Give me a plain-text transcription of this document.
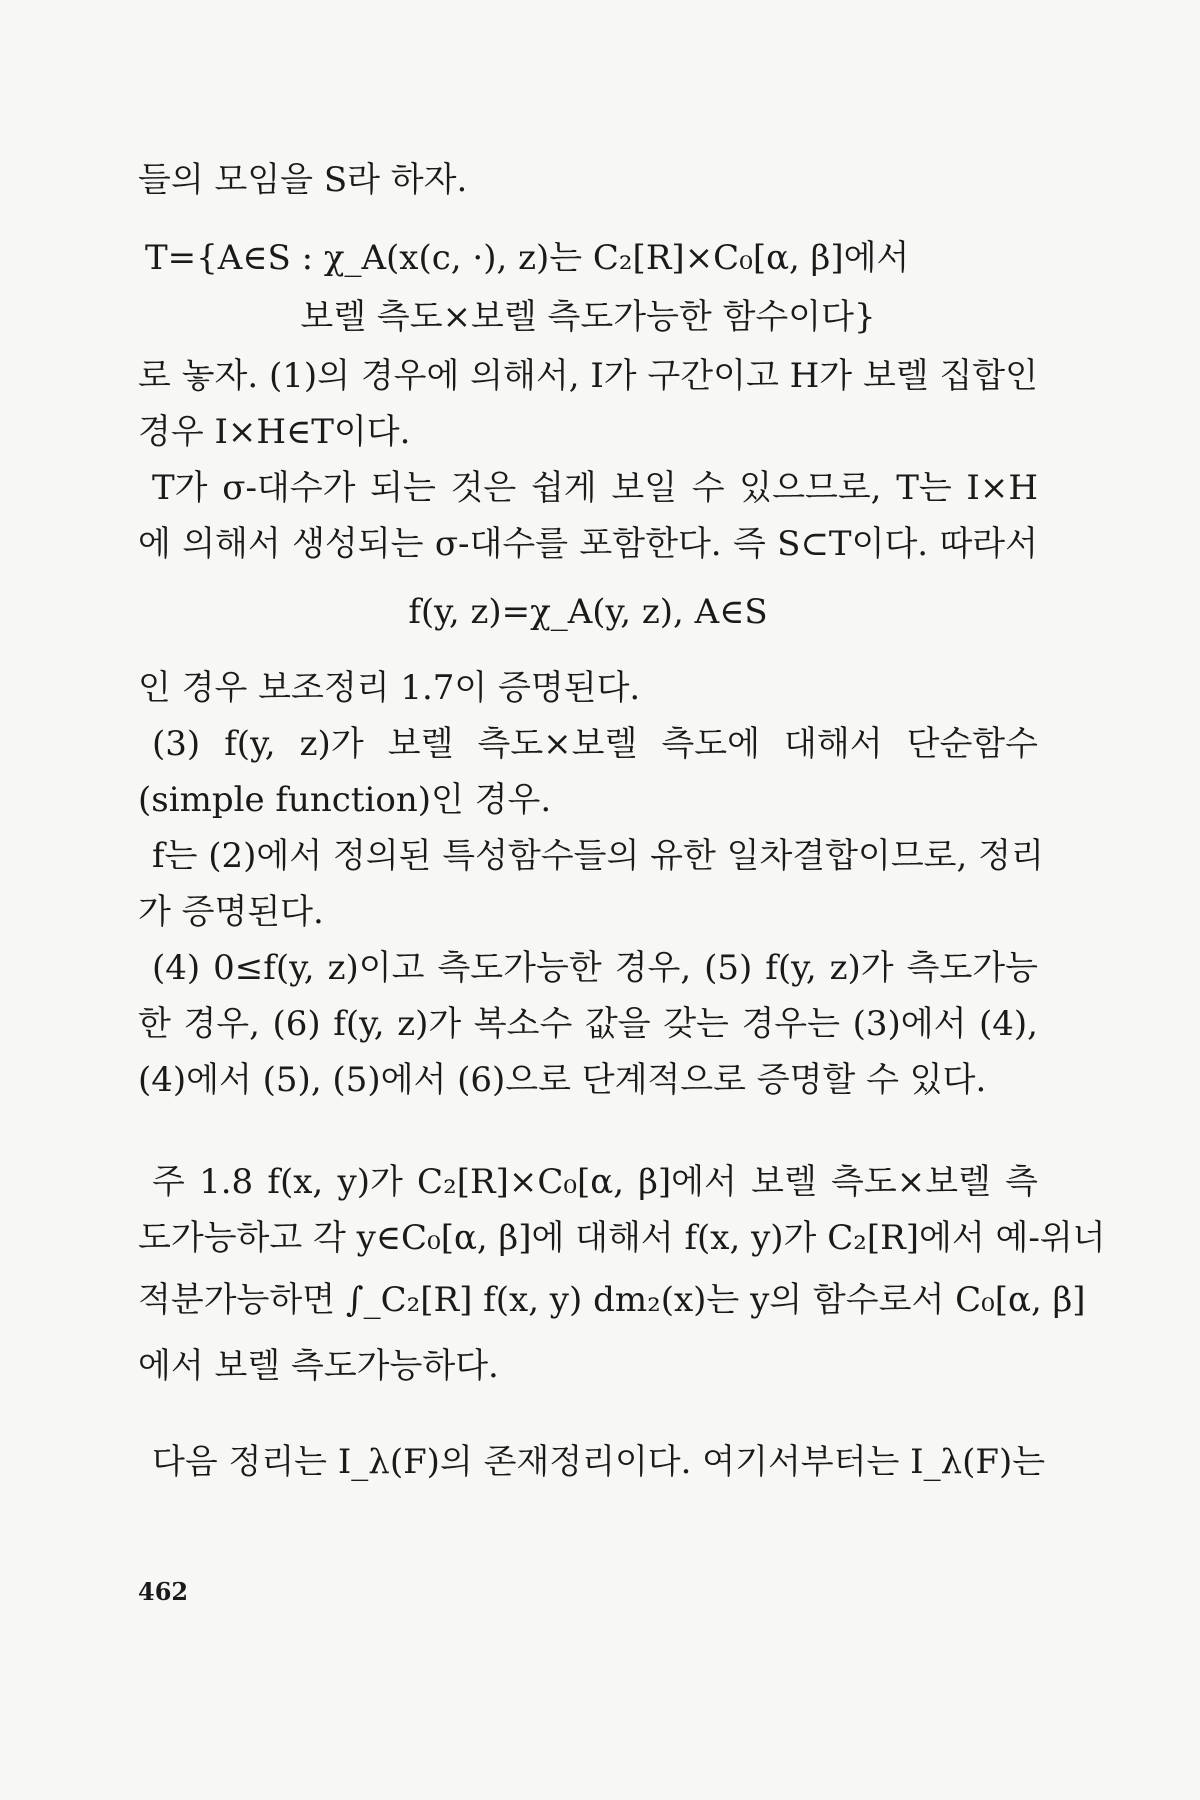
들의 모임을 S라 하자.
T={A∈S : χ_A(x(c, ·), z)는 C₂[R]×C₀[α, β]에서
보렐 측도×보렐 측도가능한 함수이다}
로 놓자. (1)의 경우에 의해서, I가 구간이고 H가 보렐 집합인
경우 I×H∈T이다.
T가 σ-대수가 되는 것은 쉽게 보일 수 있으므로, T는 I×H
에 의해서 생성되는 σ-대수를 포함한다. 즉 S⊂T이다. 따라서
f(y, z)=χ_A(y, z), A∈S
인 경우 보조정리 1.7이 증명된다.
(3) f(y, z)가 보렐 측도×보렐 측도에 대해서 단순함수
(simple function)인 경우.
f는 (2)에서 정의된 특성함수들의 유한 일차결합이므로, 정리
가 증명된다.
(4) 0≤f(y, z)이고 측도가능한 경우, (5) f(y, z)가 측도가능
한 경우, (6) f(y, z)가 복소수 값을 갖는 경우는 (3)에서 (4),
(4)에서 (5), (5)에서 (6)으로 단계적으로 증명할 수 있다.
주 1.8 f(x, y)가 C₂[R]×C₀[α, β]에서 보렐 측도×보렐 측
도가능하고 각 y∈C₀[α, β]에 대해서 f(x, y)가 C₂[R]에서 예-위너
적분가능하면 ∫_C₂[R] f(x, y) dm₂(x)는 y의 함수로서 C₀[α, β]
에서 보렐 측도가능하다.
다음 정리는 I_λ(F)의 존재정리이다. 여기서부터는 I_λ(F)는
462
